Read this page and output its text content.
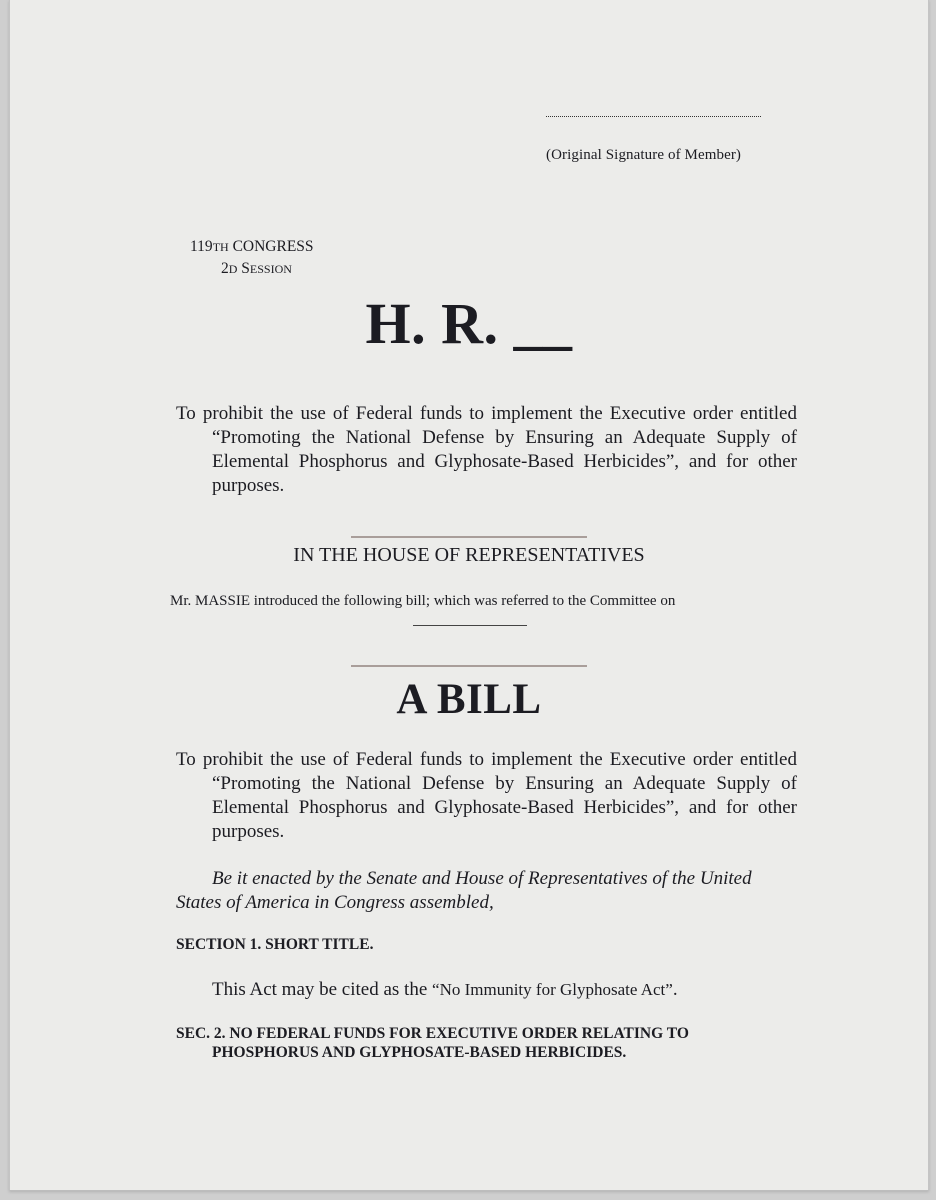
(Original Signature of Member)
119TH CONGRESS
2D SESSION
H. R. __
To prohibit the use of Federal funds to implement the Executive order entitled “Promoting the National Defense by Ensuring an Adequate Supply of Elemental Phosphorus and Glyphosate-Based Herbicides”, and for other purposes.
IN THE HOUSE OF REPRESENTATIVES
Mr. MASSIE introduced the following bill; which was referred to the Committee on
A BILL
To prohibit the use of Federal funds to implement the Executive order entitled “Promoting the National Defense by Ensuring an Adequate Supply of Elemental Phosphorus and Glyphosate-Based Herbicides”, and for other purposes.
Be it enacted by the Senate and House of Representatives of the United States of America in Congress assembled,
SECTION 1. SHORT TITLE.
This Act may be cited as the “No Immunity for Glyphosate Act”.
SEC. 2. NO FEDERAL FUNDS FOR EXECUTIVE ORDER RELATING TO PHOSPHORUS AND GLYPHOSATE-BASED HERBICIDES.
